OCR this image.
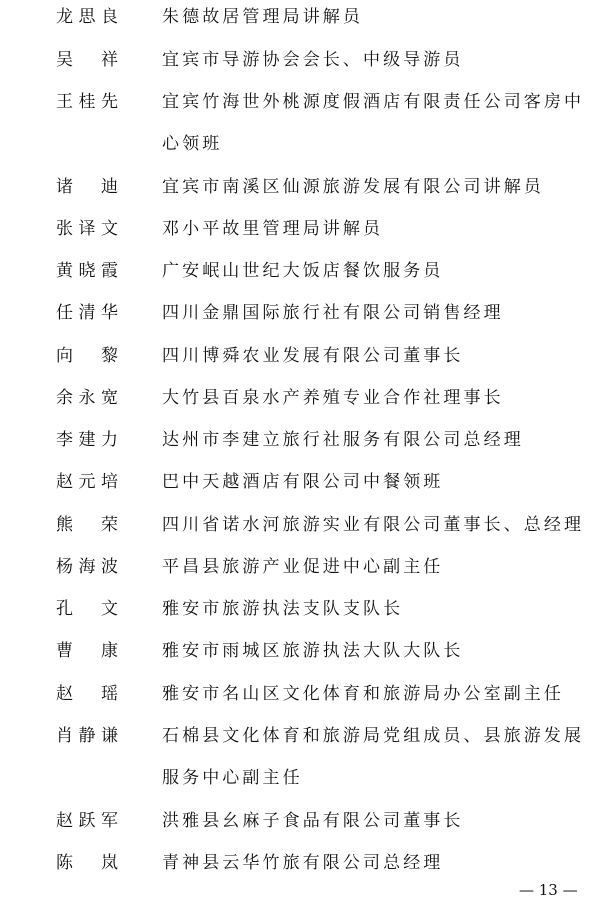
龙 思 良	朱德故居管理局讲解员
吴 祥	宜宾市导游协会会长、中级导游员
王 桂 先	宜宾竹海世外桃源度假酒店有限责任公司客房中
心领班
诸 迪	宜宾市南溪区仙源旅游发展有限公司讲解员
张 译 文	邓小平故里管理局讲解员
黄 晓 霞	广安岷山世纪大饭店餐饮服务员
任 清 华	四川金鼎国际旅行社有限公司销售经理
向 黎	四川博舜农业发展有限公司董事长
余 永 宽	大竹县百泉水产养殖专业合作社理事长
李 建 力	达州市李建立旅行社服务有限公司总经理
赵 元 培	巴中天越酒店有限公司中餐领班
熊 荣	四川省诺水河旅游实业有限公司董事长、总经理
杨 海 波	平昌县旅游产业促进中心副主任
孔 文	雅安市旅游执法支队支队长
曹 康	雅安市雨城区旅游执法大队大队长
赵 瑶	雅安市名山区文化体育和旅游局办公室副主任
肖 静 谦	石棉县文化体育和旅游局党组成员、县旅游发展
服务中心副主任
赵 跃 军	洪雅县幺麻子食品有限公司董事长
陈 岚	青神县云华竹旅有限公司总经理
— 13 —
